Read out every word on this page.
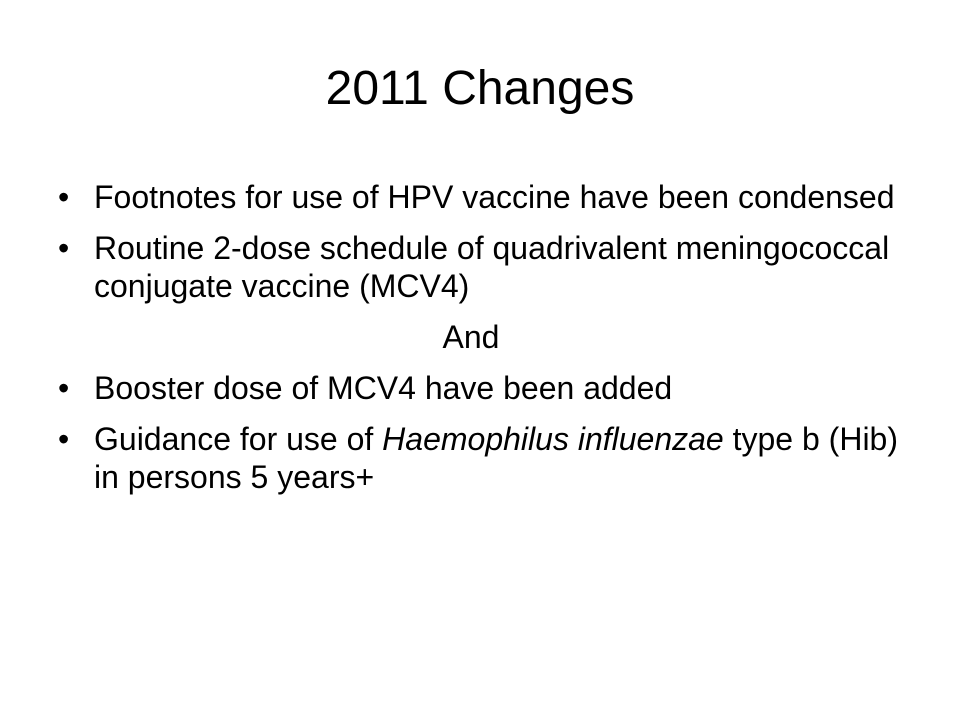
2011 Changes
• Footnotes for use of HPV vaccine have been condensed
• Routine 2-dose schedule of quadrivalent meningococcal conjugate vaccine (MCV4)
And
• Booster dose of MCV4 have been added
• Guidance for use of Haemophilus influenzae type b (Hib) in persons 5 years+
